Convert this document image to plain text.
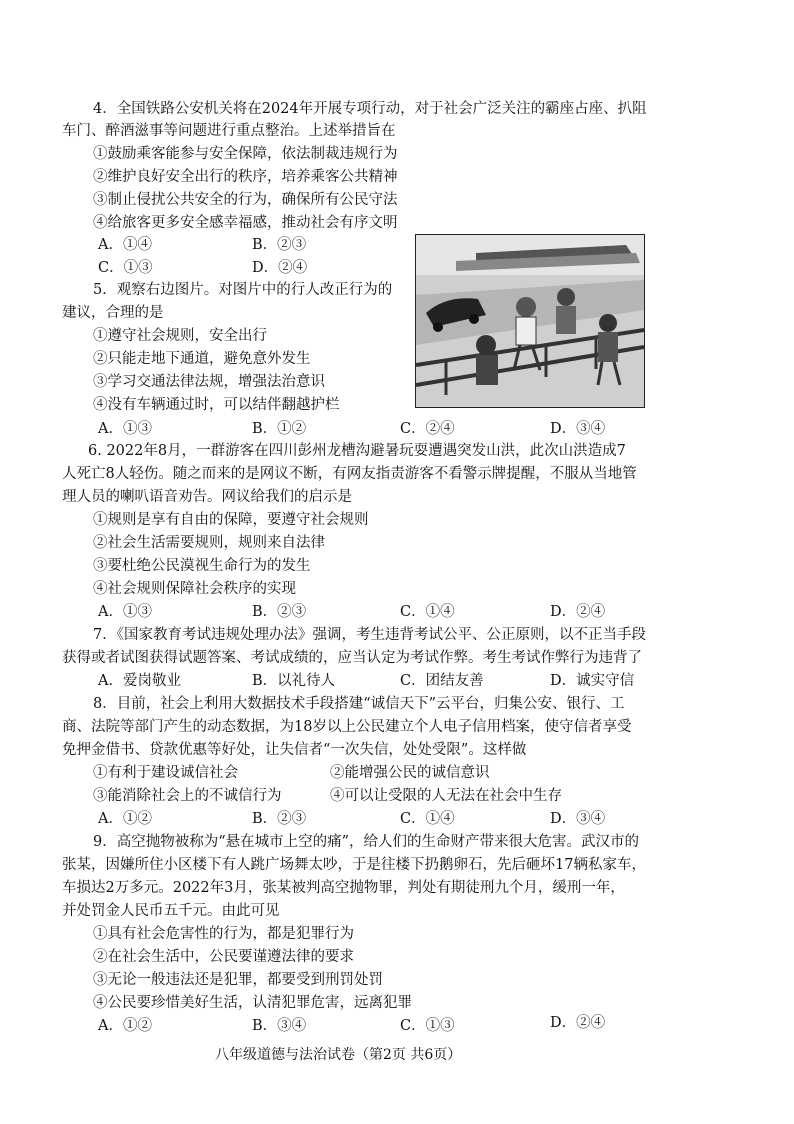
4．全国铁路公安机关将在2024年开展专项行动，对于社会广泛关注的霸座占座、扒阻
车门、醉酒滋事等问题进行重点整治。上述举措旨在
①鼓励乘客能参与安全保障，依法制裁违规行为
②维护良好安全出行的秩序，培养乘客公共精神
③制止侵扰公共安全的行为，确保所有公民守法
④给旅客更多安全感幸福感，推动社会有序文明
A．①④	B．②③
C．①③	D．②④
5．观察右边图片。对图片中的行人改正行为的
建议，合理的是
①遵守社会规则，安全出行
②只能走地下通道，避免意外发生
③学习交通法律法规，增强法治意识
④没有车辆通过时，可以结伴翻越护栏
A．①③	B．①②	C．②④	D．③④
6. 2022年8月，一群游客在四川彭州龙槽沟避暑玩耍遭遇突发山洪，此次山洪造成7
人死亡8人轻伤。随之而来的是网议不断，有网友指责游客不看警示牌提醒，不服从当地管
理人员的喇叭语音劝告。网议给我们的启示是
①规则是享有自由的保障，要遵守社会规则
②社会生活需要规则，规则来自法律
③要杜绝公民漠视生命行为的发生
④社会规则保障社会秩序的实现
A．①③	B．②③	C．①④	D．②④
7．《国家教育考试违规处理办法》强调，考生违背考试公平、公正原则，以不正当手段
获得或者试图获得试题答案、考试成绩的，应当认定为考试作弊。考生考试作弊行为违背了
A．爱岗敬业	B．以礼待人	C．团结友善	D．诚实守信
8．目前，社会上利用大数据技术手段搭建“诚信天下”云平台，归集公安、银行、工
商、法院等部门产生的动态数据，为18岁以上公民建立个人电子信用档案，使守信者享受
免押金借书、贷款优惠等好处，让失信者“一次失信，处处受限”。这样做
①有利于建设诚信社会	②能增强公民的诚信意识
③能消除社会上的不诚信行为	④可以让受限的人无法在社会中生存
A．①②	B．②③	C．①④	D．③④
9．高空抛物被称为“悬在城市上空的痛”，给人们的生命财产带来很大危害。武汉市的
张某，因嫌所住小区楼下有人跳广场舞太吵，于是往楼下扔鹅卵石，先后砸坏17辆私家车，
车损达2万多元。2022年3月，张某被判高空抛物罪，判处有期徒刑九个月，缓刑一年，
并处罚金人民币五千元。由此可见
①具有社会危害性的行为，都是犯罪行为
②在社会生活中，公民要谨遵法律的要求
③无论一般违法还是犯罪，都要受到刑罚处罚
④公民要珍惜美好生活，认清犯罪危害，远离犯罪
A．①②	B．③④	C．①③	D．②④
八年级道德与法治试卷（第2页 共6页）
